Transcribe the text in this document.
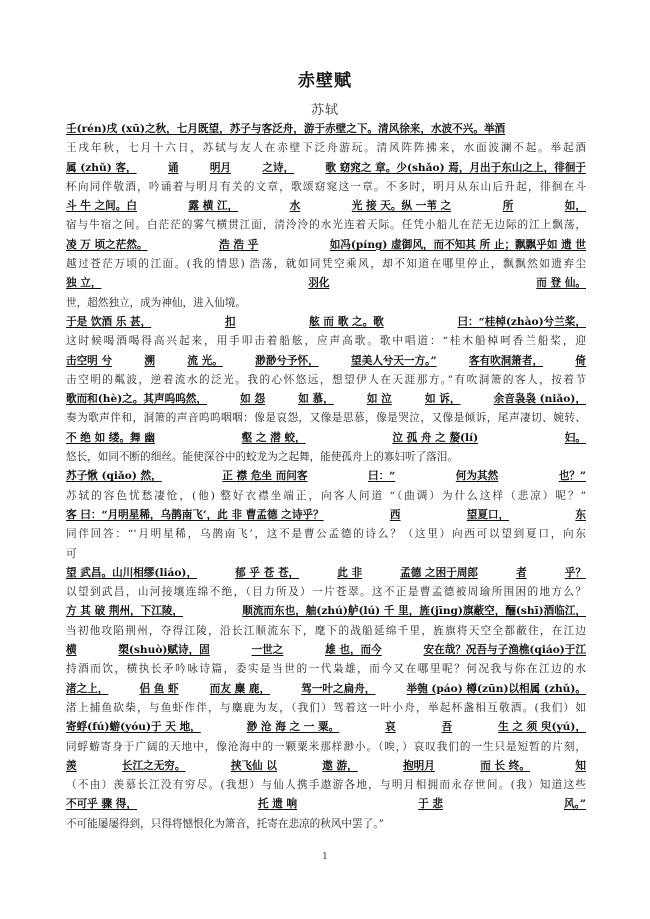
赤壁赋
苏轼
壬(rén)戌 (xū)之秋，七月既望，苏子与客泛舟，游于赤壁之下。清风徐来，水波不兴。举酒
王戌年秋，七月十六日，苏轼与友人在赤壁下泛舟游玩。清风阵阵拂来，水面波澜不起。举起酒
属 (zhǔ) 客，	诵	明月	之诗，	歌 窈窕之 章。少(shǎo) 焉，月出于东山之上，徘徊于
杯向同伴敬酒，吟诵着与明月有关的文章，歌颂窈窕这一章。不多时，明月从东山后升起，徘徊在斗
斗 牛 之间。白	露 横 江，	水	光 接 天。纵 一苇 之	所	如，
宿与牛宿之间。白茫茫的雾气横贯江面，清泠泠的水光连着天际。任凭小船儿在茫无边际的江上飘荡，
凌 万 顷之茫然。	浩 浩 乎	如冯(píng) 虚御风，而不知其 所 止；飘飘乎如 遗 世
越过苍茫万顷的江面。(我的情思) 浩荡，就如同凭空乘风，却不知道在哪里停止，飘飘然如遗弃尘
独 立，	羽化	而 登 仙。
世，超然独立，成为神仙，进入仙境。
于是 饮酒 乐 甚，	扣	舷 而 歌 之。歌	曰：“桂棹(zhào)兮兰桨，
这时候喝酒喝得高兴起来，用手叩击着船舷，应声高歌。歌中唱道：“桂木船棹呵香兰船桨，迎
击空明 兮	溯	流 光。	渺渺兮予怀，	望美人兮天一方。”	客有吹洞箫者，	倚
击空明的粼波，逆着流水的泛光。我的心怀悠远，想望伊人在天涯那方。”有吹洞箫的客人，按着节
歌而和(hè)之。其声呜呜然，	如 怨	如 慕，	如 泣	如 诉，	余音袅袅 (niǎo)，
奏为歌声伴和，洞箫的声音呜呜咽咽：像是哀怨，又像是思慕，像是哭泣，又像是倾诉，尾声凄切、婉转、
不 绝 如 缕。舞 幽	壑 之 潜 蛟，	泣 孤 舟 之 嫠(lí)	妇。
悠长，如同不断的细丝。能使深谷中的蛟龙为之起舞，能使孤舟上的寡妇听了落泪。
苏子愀 (qiǎo) 然，	正 襟 危坐 而问客	曰：“	何为其然	也？”
苏轼的容色忧愁凄怆，(他) 整好衣襟坐端正，向客人问道 “（曲调）为什么这样（悲凉）呢？”
客 曰：“月明星稀，乌鹊南飞’，此 非 曹孟德 之诗乎？	西	望夏口，	东
同伴回答：“‘月明星稀，乌鹊南飞’，这不是曹公孟德的诗么？（这里）向西可以望到夏口，向东
可
望 武昌。山川相缪(liáo)，	郁 乎 苍 苍，	此 非	孟德 之困于周郎	者	乎？
以望到武昌，山河接壤连绵不绝，（目力所及）一片苍翠。这不正是曹孟德被周瑜所围困的地方么？
方 其 破 荆州，下江陵，	顺流而东也，舳(zhú)舻(lú) 千 里，旌(jīng)旗蔽空，酾(shī)酒临江，
当初他攻陷荆州，夺得江陵，沿长江顺流东下，麾下的战船延绵千里，旌旗将天空全都蔽住，在江边
横	槊(shuò)赋诗，固	一世之	雄 也，而今	安在哉？况吾与子渔樵(qiáo)于江
持酒而饮，横执长矛吟咏诗篇，委实是当世的一代枭雄，而今又在哪里呢？何况我与你在江边的水
渚之上，	侣 鱼 虾	而友 麋 鹿，	驾一叶之扁舟，	举匏 (páo) 樽(zūn)以相属 (zhǔ)。
渚上捕鱼砍柴，与鱼虾作伴，与麋鹿为友，（我们）驾着这一叶小舟，举起杯盏相互敬酒。(我们）如
寄蜉(fú)蝣(yóu)于 天 地，	渺 沧 海 之 一 粟。	哀	吾	生 之 须 臾(yú)，
同蜉蝣寄身于广阔的天地中，像沧海中的一颗粟米那样渺小。（唉，）哀叹我们的一生只是短暂的片刻，
羡	长江之无穷。	挟飞仙 以	遨 游，	抱明月	而 长 终。	知
（不由）羡慕长江没有穷尽。(我想）与仙人携手遨游各地，与明月相拥而永存世间。(我）知道这些
不可乎 骤 得，	托 遗 响	于 悲	风。”
不可能屡屡得到，只得将憾恨化为箫音，托寄在悲凉的秋风中罢了。”
1
